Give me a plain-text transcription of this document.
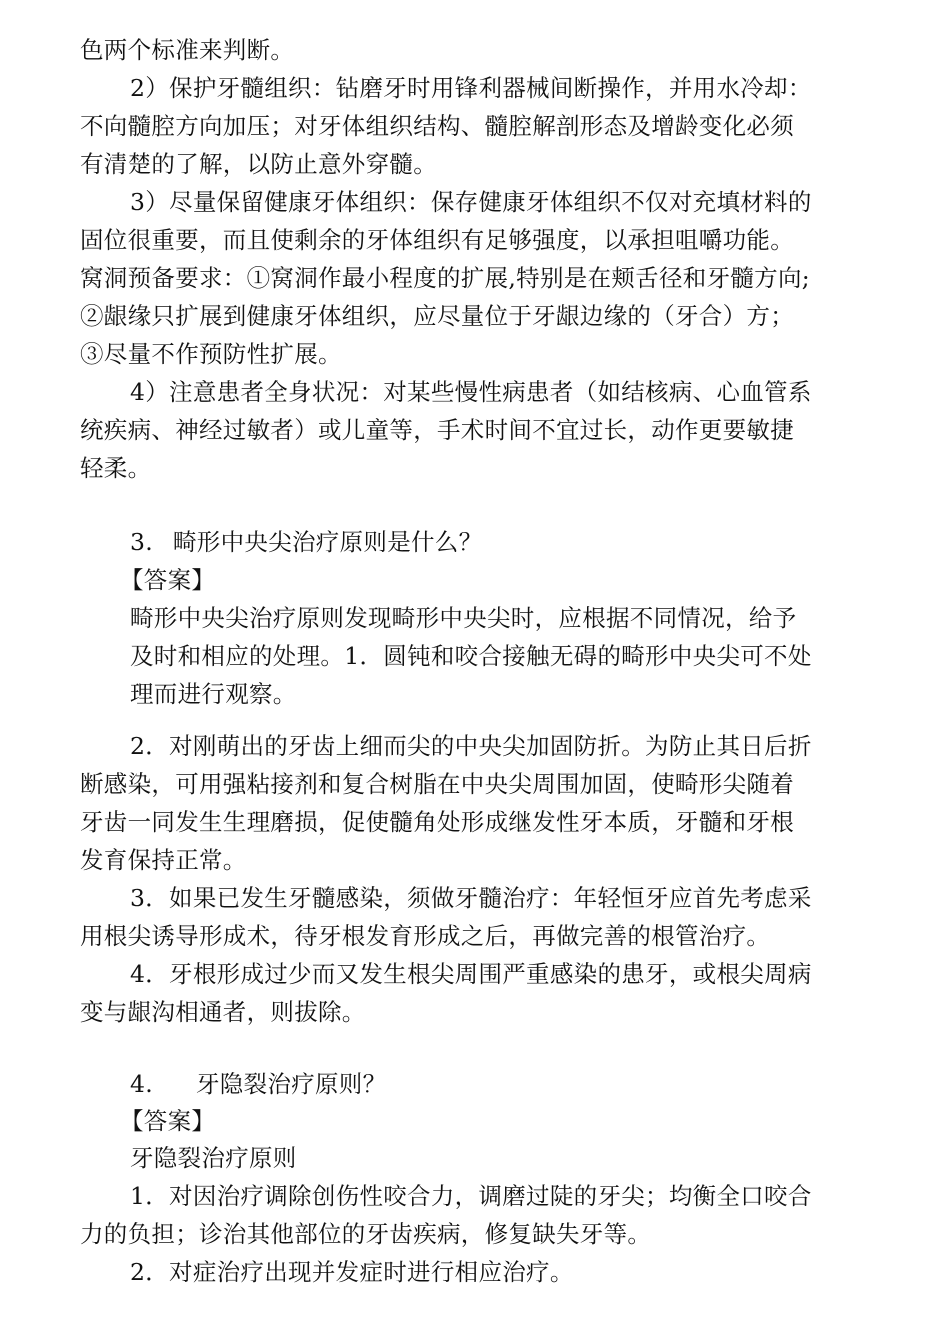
色两个标准来判断。
2）保护牙髓组织：钻磨牙时用锋利器械间断操作，并用水冷却：
不向髓腔方向加压；对牙体组织结构、髓腔解剖形态及增龄变化必须
有清楚的了解，以防止意外穿髓。
3）尽量保留健康牙体组织：保存健康牙体组织不仅对充填材料的
固位很重要，而且使剩余的牙体组织有足够强度，以承担咀嚼功能。
窝洞预备要求：①窝洞作最小程度的扩展,特别是在颊舌径和牙髓方向;
②龈缘只扩展到健康牙体组织，应尽量位于牙龈边缘的（牙合）方；
③尽量不作预防性扩展。
4）注意患者全身状况：对某些慢性病患者（如结核病、心血管系
统疾病、神经过敏者）或儿童等，手术时间不宜过长，动作更要敏捷
轻柔。
3. 畸形中央尖治疗原则是什么？
【答案】
畸形中央尖治疗原则发现畸形中央尖时，应根据不同情况，给予
及时和相应的处理。1．圆钝和咬合接触无碍的畸形中央尖可不处
理而进行观察。
2．对刚萌出的牙齿上细而尖的中央尖加固防折。为防止其日后折
断感染，可用强粘接剂和复合树脂在中央尖周围加固，使畸形尖随着
牙齿一同发生生理磨损，促使髓角处形成继发性牙本质，牙髓和牙根
发育保持正常。
3．如果已发生牙髓感染，须做牙髓治疗：年轻恒牙应首先考虑采
用根尖诱导形成术，待牙根发育形成之后，再做完善的根管治疗。
4．牙根形成过少而又发生根尖周围严重感染的患牙，或根尖周病
变与龈沟相通者，则拔除。
4. 牙隐裂治疗原则？
【答案】
牙隐裂治疗原则
1．对因治疗调除创伤性咬合力，调磨过陡的牙尖；均衡全口咬合
力的负担；诊治其他部位的牙齿疾病，修复缺失牙等。
2．对症治疗出现并发症时进行相应治疗。
